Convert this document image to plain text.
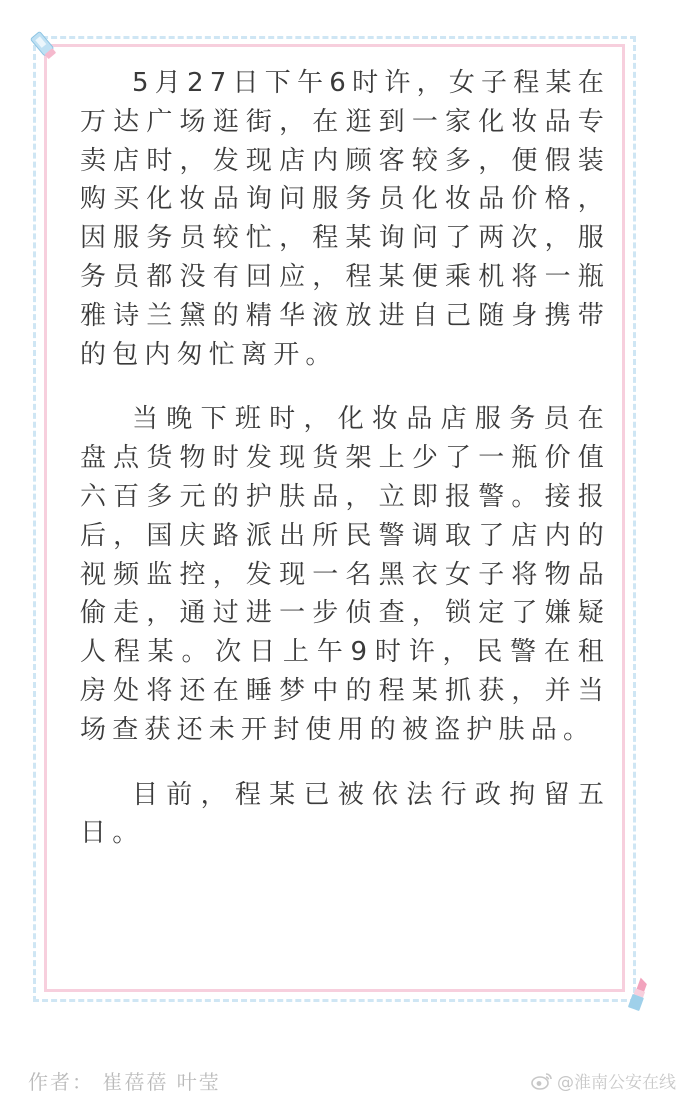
5月27日下午6时许，女子程某在万达广场逛街，在逛到一家化妆品专卖店时，发现店内顾客较多，便假装购买化妆品询问服务员化妆品价格，因服务员较忙，程某询问了两次，服务员都没有回应，程某便乘机将一瓶雅诗兰黛的精华液放进自己随身携带的包内匆忙离开。

当晚下班时，化妆品店服务员在盘点货物时发现货架上少了一瓶价值六百多元的护肤品，立即报警。接报后，国庆路派出所民警调取了店内的视频监控，发现一名黑衣女子将物品偷走，通过进一步侦查，锁定了嫌疑人程某。次日上午9时许，民警在租房处将还在睡梦中的程某抓获，并当场查获还未开封使用的被盗护肤品。

目前，程某已被依法行政拘留五日。

作者： 崔蓓蓓 叶莹	@淮南公安在线
